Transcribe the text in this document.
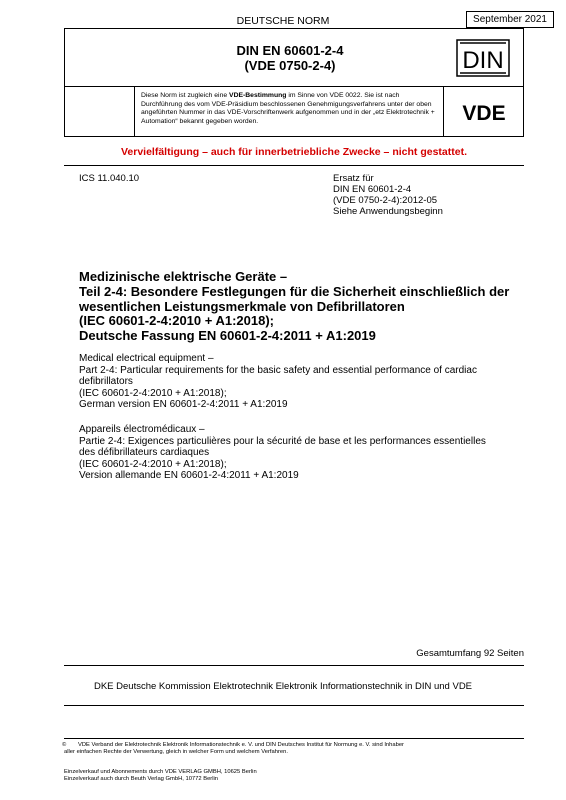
DEUTSCHE NORM	September 2021
DIN EN 60601-2-4
(VDE 0750-2-4)	DIN
Diese Norm ist zugleich eine VDE-Bestimmung im Sinne von VDE 0022. Sie ist nach Durchführung des vom VDE-Präsidium beschlossenen Genehmigungsverfahrens unter der oben angeführten Nummer in das VDE-Vorschriftenwerk aufgenommen und in der „etz Elektrotechnik + Automation“ bekannt gegeben worden.	VDE
Vervielfältigung – auch für innerbetriebliche Zwecke – nicht gestattet.
ICS 11.040.10	Ersatz für
DIN EN 60601-2-4
(VDE 0750-2-4):2012-05
Siehe Anwendungsbeginn
Medizinische elektrische Geräte –
Teil 2-4: Besondere Festlegungen für die Sicherheit einschließlich der
wesentlichen Leistungsmerkmale von Defibrillatoren
(IEC 60601-2-4:2010 + A1:2018);
Deutsche Fassung EN 60601-2-4:2011 + A1:2019
Medical electrical equipment –
Part 2-4: Particular requirements for the basic safety and essential performance of cardiac
defibrillators
(IEC 60601-2-4:2010 + A1:2018);
German version EN 60601-2-4:2011 + A1:2019
Appareils électromédicaux –
Partie 2-4: Exigences particulières pour la sécurité de base et les performances essentielles
des défibrillateurs cardiaques
(IEC 60601-2-4:2010 + A1:2018);
Version allemande EN 60601-2-4:2011 + A1:2019
Gesamtumfang 92 Seiten
DKE Deutsche Kommission Elektrotechnik Elektronik Informationstechnik in DIN und VDE
©	VDE Verband der Elektrotechnik Elektronik Informationstechnik e. V. und DIN Deutsches Institut für Normung e. V. sind Inhaber
aller einfachen Rechte der Verwertung, gleich in welcher Form und welchem Verfahren.
Einzelverkauf und Abonnements durch VDE VERLAG GMBH, 10625 Berlin
Einzelverkauf auch durch Beuth Verlag GmbH, 10772 Berlin
